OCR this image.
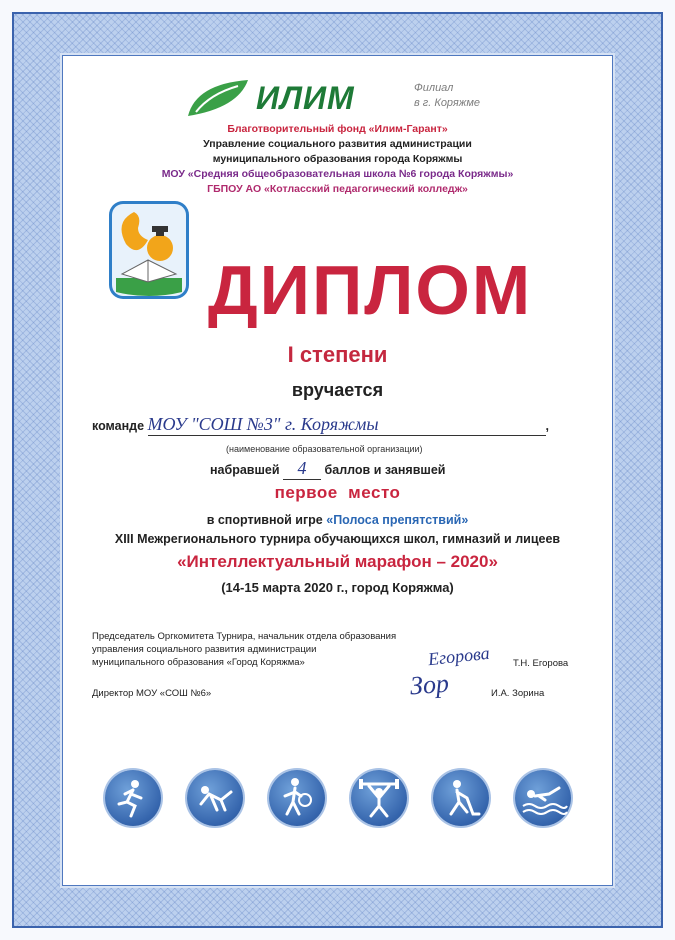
ИЛИМ	Филиал
в г. Коряжме
Благотворительный фонд «Илим-Гарант»
Управление социального развития администрации
муниципального образования города Коряжмы
МОУ «Средняя общеобразовательная школа №6 города Коряжмы»
ГБПОУ АО «Котласский педагогический колледж»
ДИПЛОМ
I степени
вручается
команде МОУ "СОШ №3" г. Коряжмы	,
(наименование образовательной организации)
набравшей 4 баллов и занявшей
первое  место
в спортивной игре «Полоса препятствий»
XIII Межрегионального турнира обучающихся школ, гимназий и лицеев
«Интеллектуальный марафон – 2020»
(14-15 марта 2020 г., город Коряжма)
Председатель Оргкомитета Турнира, начальник отдела образования
управления социального развития администрации
муниципального образования «Город Коряжма»	Егорова Т.Н. Егорова
Директор МОУ «СОШ №6»	Зор	И.А. Зорина
